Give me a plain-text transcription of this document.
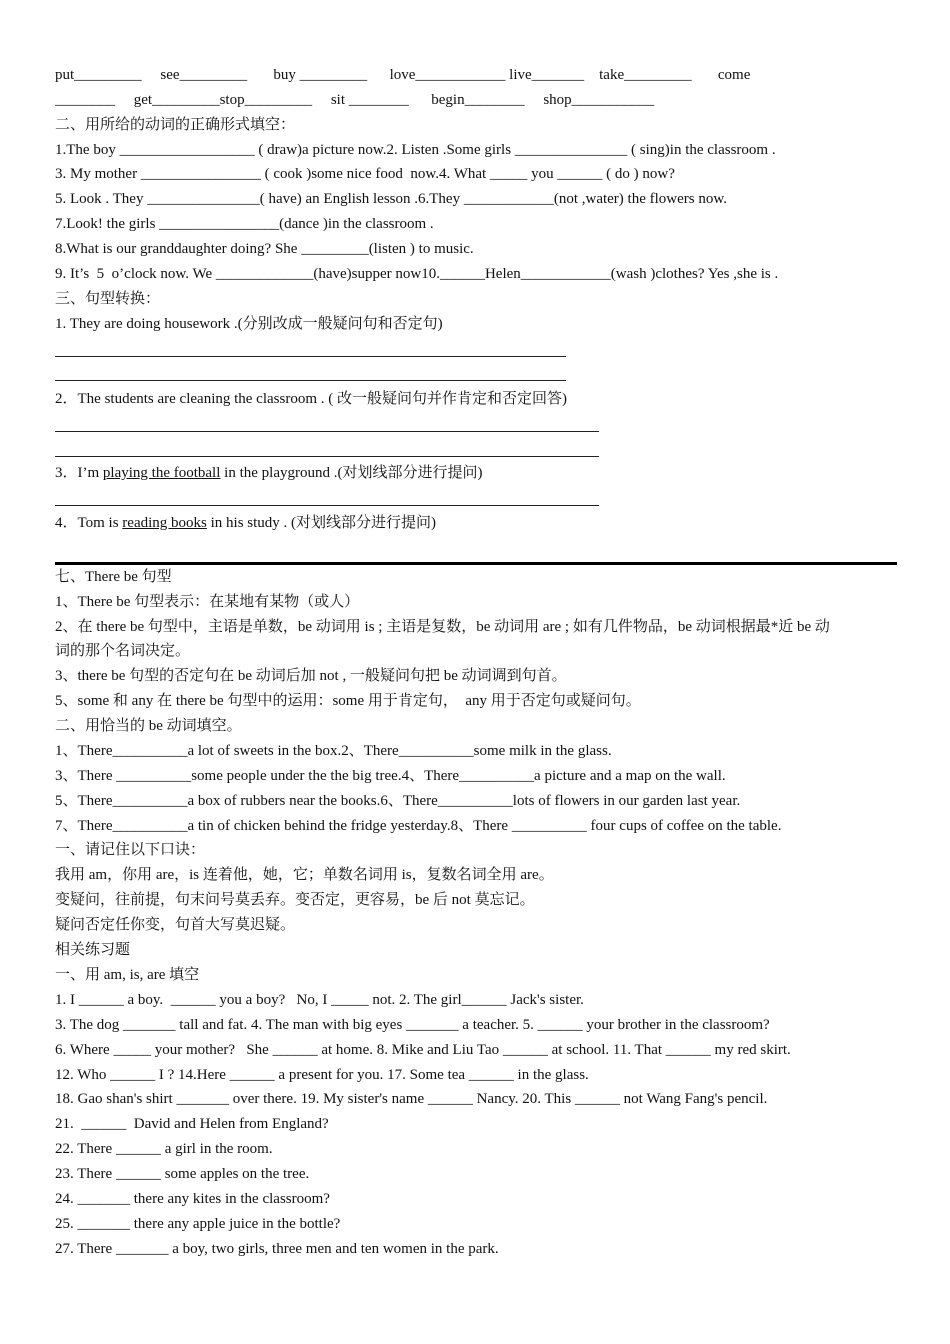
put_________     see_________       buy _________      love____________ live_______    take_________       come
________     get_________stop_________     sit ________      begin________     shop___________
二、用所给的动词的正确形式填空：
1.The boy __________________ ( draw)a picture now.2. Listen .Some girls _______________ ( sing)in the classroom .
3. My mother ________________ ( cook )some nice food  now.4. What _____ you ______ ( do ) now?
5. Look . They _______________( have) an English lesson .6.They ____________(not ,water) the flowers now.
7.Look! the girls ________________(dance )in the classroom .
8.What is our granddaughter doing? She _________(listen ) to music.
9. It’s  5  o’clock now. We _____________(have)supper now10.______Helen____________(wash )clothes? Yes ,she is .
三、句型转换：
1. They are doing housework .(分别改成一般疑问句和否定句)
2．The students are cleaning the classroom . ( 改一般疑问句并作肯定和否定回答)
3．I’m playing the football in the playground .(对划线部分进行提问)
4．Tom is reading books in his study . (对划线部分进行提问)
七、There be 句型
1、There be 句型表示：在某地有某物（或人）
2、在 there be 句型中，主语是单数，be 动词用 is ; 主语是复数，be 动词用 are ; 如有几件物品，be 动词根据最*近 be 动
词的那个名词决定。
3、there be 句型的否定句在 be 动词后加 not , 一般疑问句把 be 动词调到句首。
5、some 和 any 在 there be 句型中的运用：some 用于肯定句，  any 用于否定句或疑问句。
二、用恰当的 be 动词填空。
1、There__________a lot of sweets in the box.2、There__________some milk in the glass.
3、There __________some people under the the big tree.4、There__________a picture and a map on the wall.
5、There__________a box of rubbers near the books.6、There__________lots of flowers in our garden last year.
7、There__________a tin of chicken behind the fridge yesterday.8、There __________ four cups of coffee on the table.
一、请记住以下口诀：
我用 am，你用 are，is 连着他，她，它；单数名词用 is，复数名词全用 are。
变疑问，往前提，句末问号莫丢弃。变否定，更容易，be 后 not 莫忘记。
疑问否定任你变，句首大写莫迟疑。
相关练习题
一、用 am, is, are 填空
1. I ______ a boy.  ______ you a boy?   No, I _____ not. 2. The girl______ Jack's sister.
3. The dog _______ tall and fat. 4. The man with big eyes _______ a teacher. 5. ______ your brother in the classroom?
6. Where _____ your mother?   She ______ at home. 8. Mike and Liu Tao ______ at school. 11. That ______ my red skirt.
12. Who ______ I ? 14.Here ______ a present for you. 17. Some tea ______ in the glass.
18. Gao shan's shirt _______ over there. 19. My sister's name ______ Nancy. 20. This ______ not Wang Fang's pencil.
21.  ______  David and Helen from England?
22. There ______ a girl in the room.
23. There ______ some apples on the tree.
24. _______ there any kites in the classroom?
25. _______ there any apple juice in the bottle?
27. There _______ a boy, two girls, three men and ten women in the park.
